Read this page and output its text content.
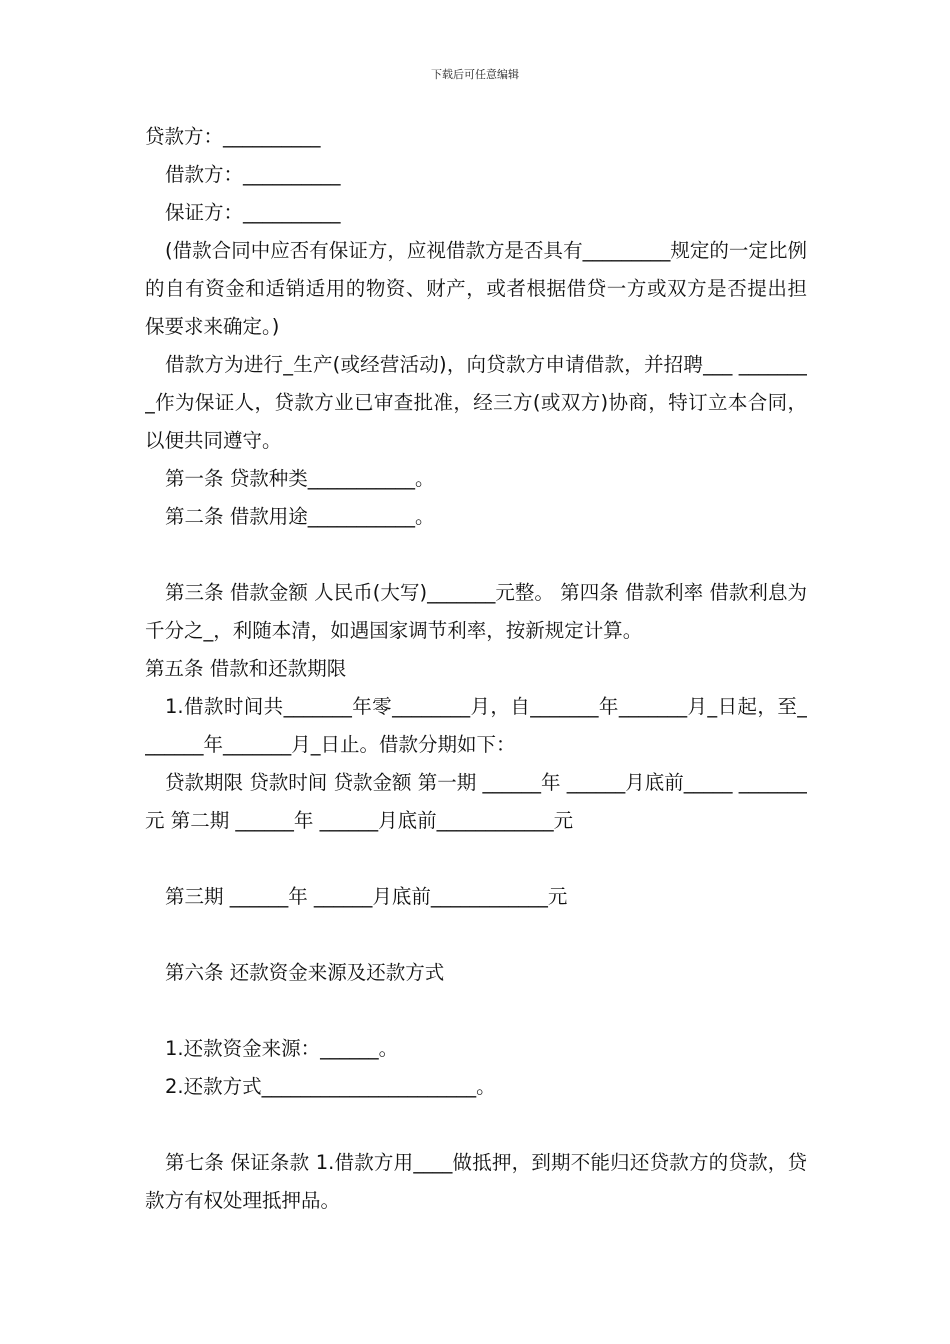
下载后可任意编辑

贷款方：__________

借款方：__________

保证方：__________

(借款合同中应否有保证方，应视借款方是否具有_________规定的一定比例的自有资金和适销适用的物资、财产，或者根据借贷一方或双方是否提出担保要求来确定。)

借款方为进行_生产(或经营活动)，向贷款方申请借款，并招聘___ ________作为保证人，贷款方业已审查批准，经三方(或双方)协商，特订立本合同，以便共同遵守。

第一条 贷款种类___________。

第二条 借款用途___________。

第三条 借款金额 人民币(大写)_______元整。 第四条 借款利率 借款利息为千分之_，利随本清，如遇国家调节利率，按新规定计算。

第五条 借款和还款期限

1.借款时间共_______年零________月，自_______年_______月_日起，至_______年_______月_日止。借款分期如下：

贷款期限 贷款时间 贷款金额 第一期 ______年 ______月底前_____ _______元 第二期 ______年 ______月底前____________元

第三期 ______年 ______月底前____________元

第六条 还款资金来源及还款方式

1.还款资金来源：______。

2.还款方式______________________。

第七条 保证条款 1.借款方用____做抵押，到期不能归还贷款方的贷款，贷款方有权处理抵押品。
